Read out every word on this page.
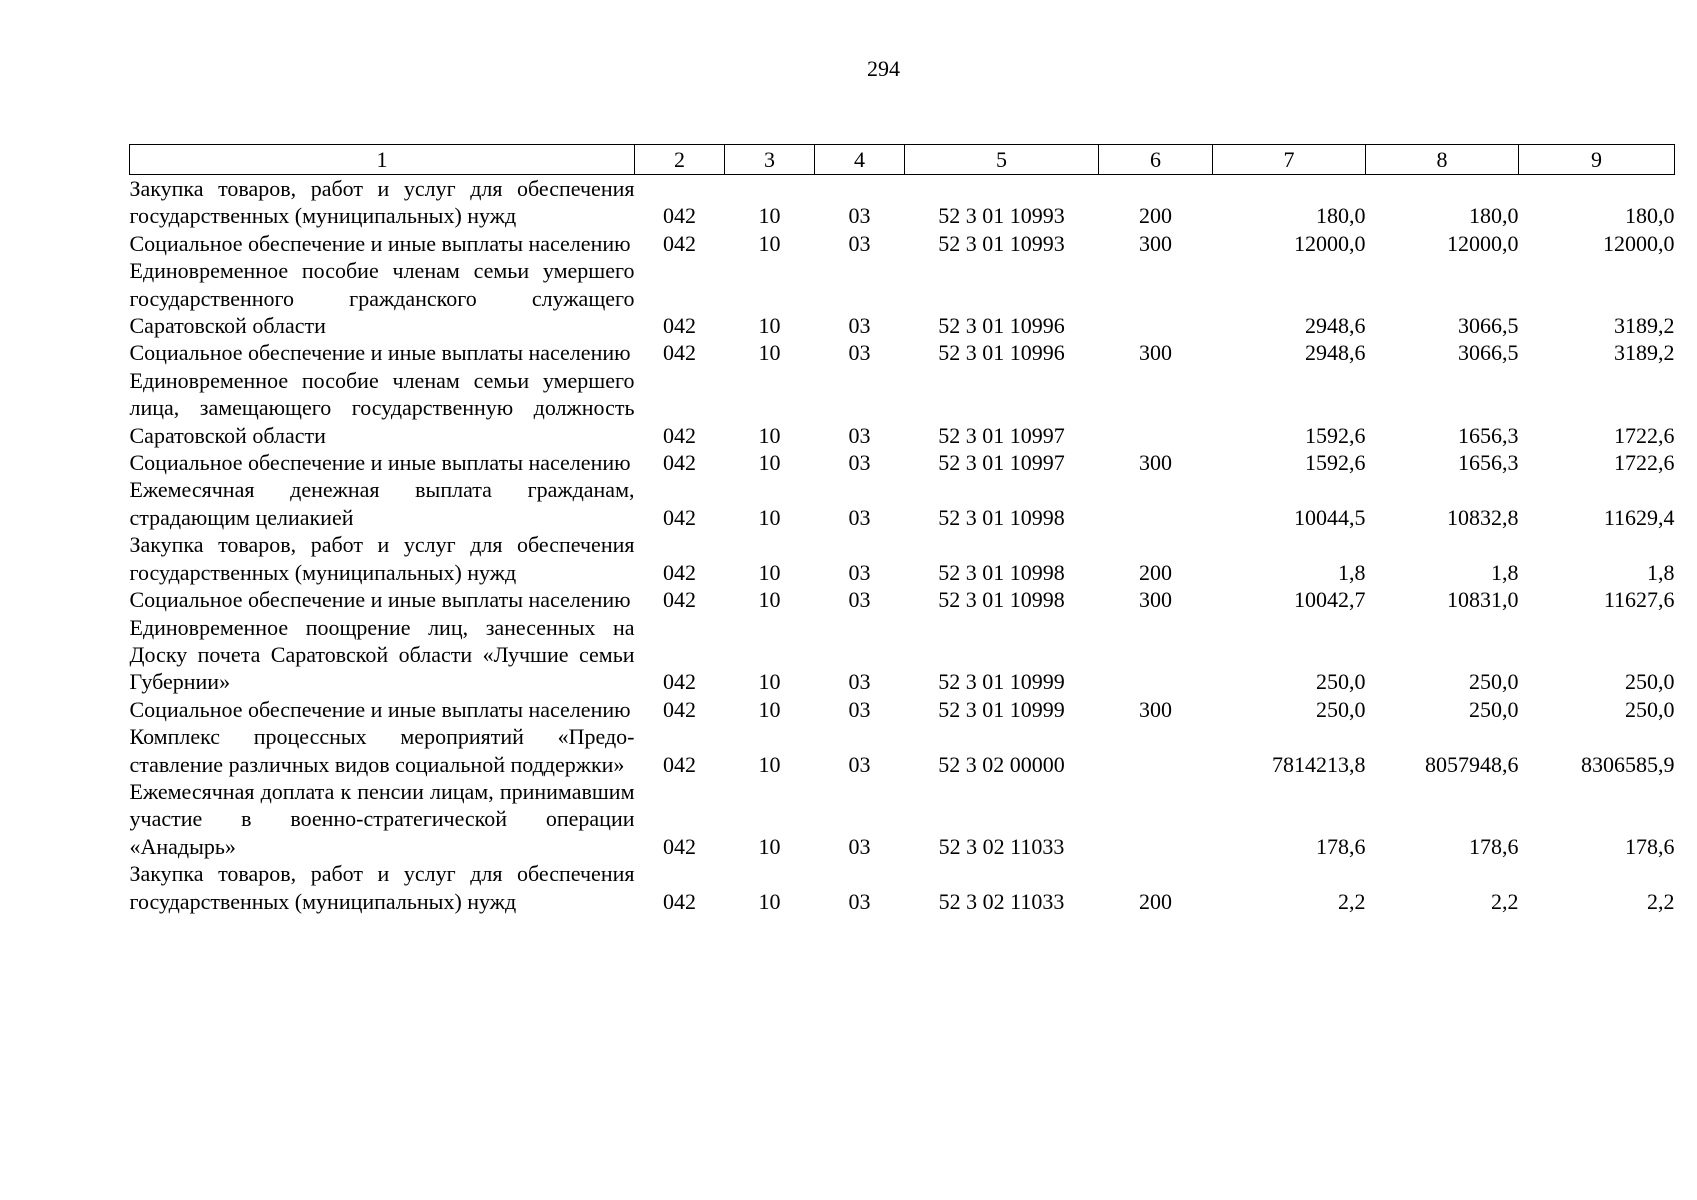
294
1	2	3	4	5	6	7	8	9
Закупка товаров, работ и услуг для обеспечения государственных (муниципальных) нужд	042	10	03	52 3 01 10993	200	180,0	180,0	180,0
Социальное обеспечение и иные выплаты населению	042	10	03	52 3 01 10993	300	12000,0	12000,0	12000,0
Единовременное пособие членам семьи умершего государственного гражданского служащего Саратовской области	042	10	03	52 3 01 10996		2948,6	3066,5	3189,2
Социальное обеспечение и иные выплаты населению	042	10	03	52 3 01 10996	300	2948,6	3066,5	3189,2
Единовременное пособие членам семьи умершего лица, замещающего государственную должность Саратовской области	042	10	03	52 3 01 10997		1592,6	1656,3	1722,6
Социальное обеспечение и иные выплаты населению	042	10	03	52 3 01 10997	300	1592,6	1656,3	1722,6
Ежемесячная денежная выплата гражданам, страдающим целиакией	042	10	03	52 3 01 10998		10044,5	10832,8	11629,4
Закупка товаров, работ и услуг для обеспечения государственных (муниципальных) нужд	042	10	03	52 3 01 10998	200	1,8	1,8	1,8
Социальное обеспечение и иные выплаты населению	042	10	03	52 3 01 10998	300	10042,7	10831,0	11627,6
Единовременное поощрение лиц, занесенных на Доску почета Саратовской области «Лучшие семьи Губернии»	042	10	03	52 3 01 10999		250,0	250,0	250,0
Социальное обеспечение и иные выплаты населению	042	10	03	52 3 01 10999	300	250,0	250,0	250,0
Комплекс процессных мероприятий «Предоставление различных видов социальной поддержки»	042	10	03	52 3 02 00000		7814213,8	8057948,6	8306585,9
Ежемесячная доплата к пенсии лицам, принимавшим участие в военно-стратегической операции «Анадырь»	042	10	03	52 3 02 11033		178,6	178,6	178,6
Закупка товаров, работ и услуг для обеспечения государственных (муниципальных) нужд	042	10	03	52 3 02 11033	200	2,2	2,2	2,2
